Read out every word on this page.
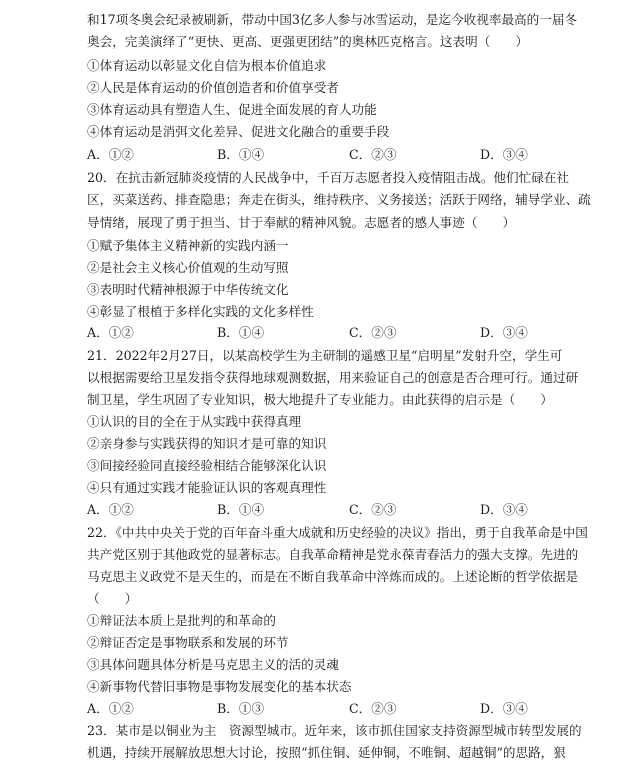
和17项冬奥会纪录被刷新，带动中国3亿多人参与冰雪运动，是迄今收视率最高的一届冬
奥会，完美演绎了“更快、更高、更强更团结”的奥林匹克格言。这表明（　　）
①体育运动以彰显文化自信为根本价值追求
②人民是体育运动的价值创造者和价值享受者
③体育运动具有塑造人生、促进全面发展的育人功能
④体育运动是消弭文化差异、促进文化融合的重要手段
A．①②	B．①④	C．②③	D．③④
20．在抗击新冠肺炎疫情的人民战争中，千百万志愿者投入疫情阻击战。他们忙碌在社
区，买菜送药、排查隐患；奔走在街头，维持秩序、义务接送；活跃于网络，辅导学业、疏
导情绪，展现了勇于担当、甘于奉献的精神风貌。志愿者的感人事迹（　　）
①赋予集体主义精神新的实践内涵一
②是社会主义核心价值观的生动写照
③表明时代精神根源于中华传统文化
④彰显了根植于多样化实践的文化多样性
A．①②	B．①④	C．②③	D．③④
21．2022年2月27日，以某高校学生为主研制的遥感卫星“启明星”发射升空，学生可
以根据需要给卫星发指令获得地球观测数据，用来验证自己的创意是否合理可行。通过研
制卫星，学生巩固了专业知识，极大地提升了专业能力。由此获得的启示是（　　）
①认识的目的全在于从实践中获得真理
②亲身参与实践获得的知识才是可靠的知识
③间接经验同直接经验相结合能够深化认识
④只有通过实践才能验证认识的客观真理性
A．①②	B．①④	C．②③	D．③④
22．《中共中央关于党的百年奋斗重大成就和历史经验的决议》指出，勇于自我革命是中国
共产党区别于其他政党的显著标志。自我革命精神是党永葆青春活力的强大支撑。先进的
马克思主义政党不是天生的，而是在不断自我革命中淬炼而成的。上述论断的哲学依据是
（　　）
①辩证法本质上是批判的和革命的
②辩证否定是事物联系和发展的环节
③具体问题具体分析是马克思主义的活的灵魂
④新事物代替旧事物是事物发展变化的基本状态
A．①②	B．①③	C．②③	D．③④
23．某市是以铜业为主　资源型城市。近年来，该市抓住国家支持资源型城市转型发展的
机遇，持续开展解放思想大讨论，按照“抓住铜、延伸铜，不唯铜、超越铜”的思路，狠
